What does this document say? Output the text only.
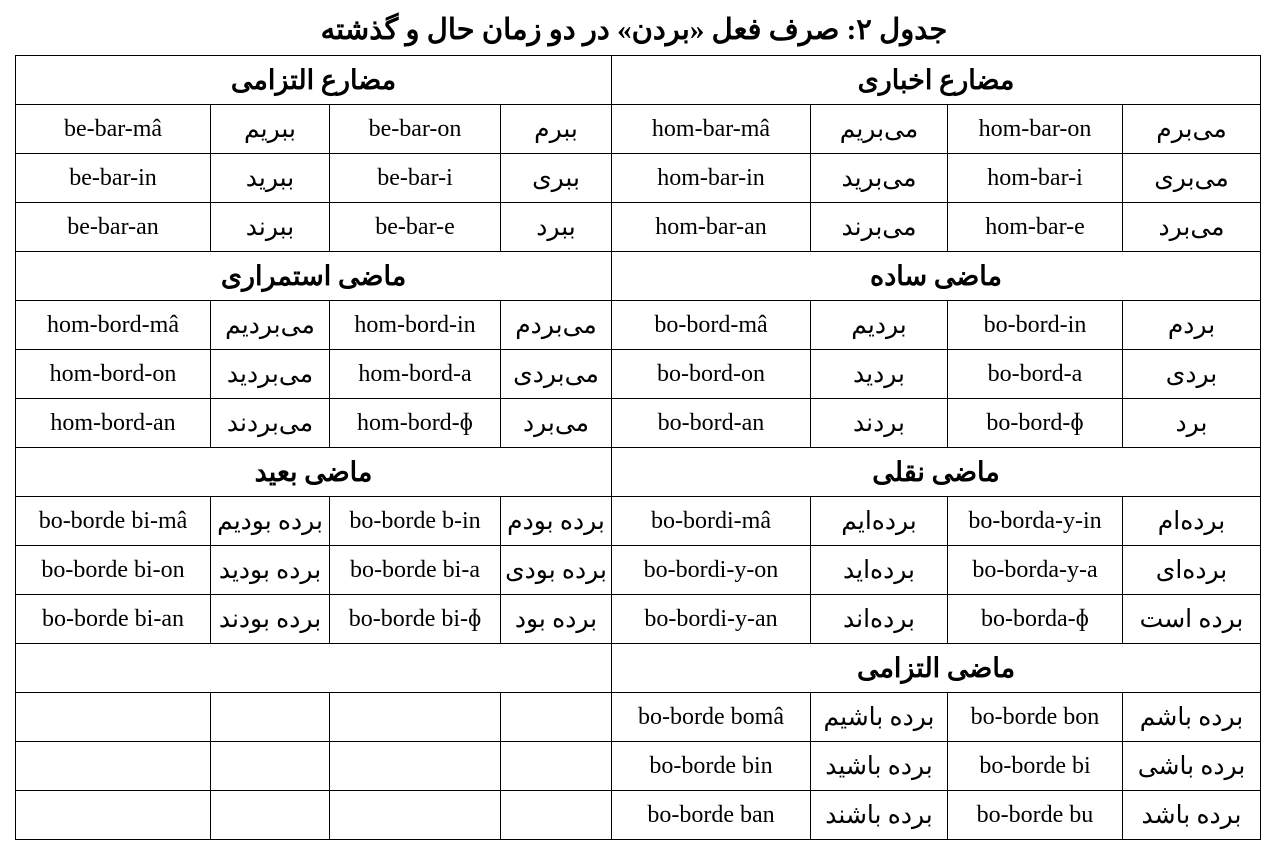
جدول ۲: صرف فعل «بردن» در دو زمان حال و گذشته
مضارع اخباری				مضارع التزامی			
می‌برم	hom-bar-on	می‌بریم	hom-bar-mâ	ببرم	be-bar-on	ببریم	be-bar-mâ
می‌بری	hom-bar-i	می‌برید	hom-bar-in	ببری	be-bar-i	ببرید	be-bar-in
می‌برد	hom-bar-e	می‌برند	hom-bar-an	ببرد	be-bar-e	ببرند	be-bar-an
ماضی ساده				ماضی استمراری			
بردم	bo-bord-in	بردیم	bo-bord-mâ	می‌بردم	hom-bord-in	می‌بردیم	hom-bord-mâ
بردی	bo-bord-a	بردید	bo-bord-on	می‌بردی	hom-bord-a	می‌بردید	hom-bord-on
برد	bo-bord-ɸ	بردند	bo-bord-an	می‌برد	hom-bord-ɸ	می‌بردند	hom-bord-an
ماضی نقلی				ماضی بعید			
برده‌ام	bo-borda-y-in	برده‌ایم	bo-bordi-mâ	برده بودم	bo-borde b-in	برده بودیم	bo-borde bi-mâ
برده‌ای	bo-borda-y-a	برده‌اید	bo-bordi-y-on	برده بودی	bo-borde bi-a	برده بودید	bo-borde bi-on
برده است	bo-borda-ɸ	برده‌اند	bo-bordi-y-an	برده بود	bo-borde bi-ɸ	برده بودند	bo-borde bi-an
ماضی التزامی							
برده باشم	bo-borde bon	برده باشیم	bo-borde bomâ				
برده باشی	bo-borde bi	برده باشید	bo-borde bin				
برده باشد	bo-borde bu	برده باشند	bo-borde ban				
